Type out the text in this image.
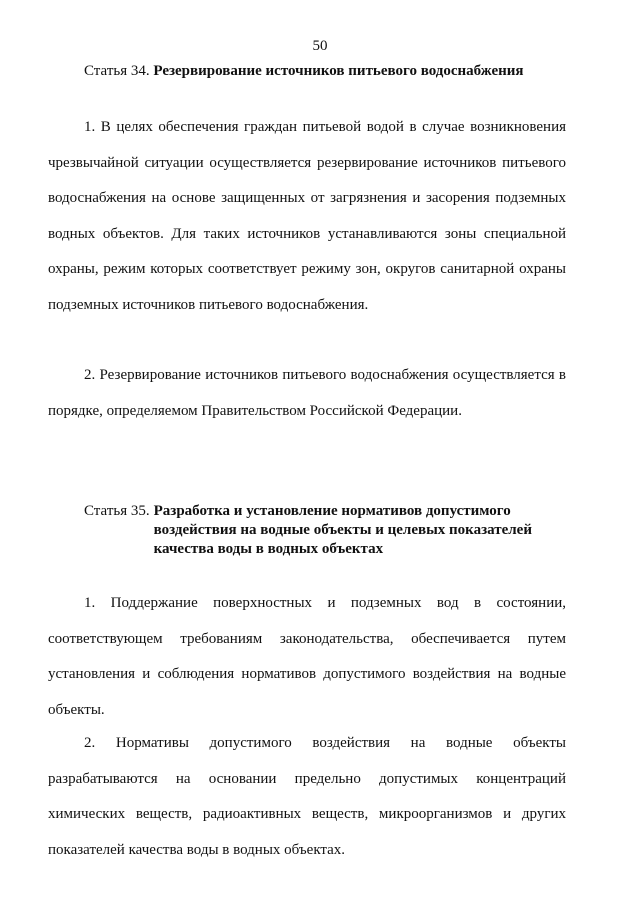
50
Статья 34. Резервирование источников питьевого водоснабжения

1. В целях обеспечения граждан питьевой водой в случае возникновения чрезвычайной ситуации осуществляется резервирование источников питьевого водоснабжения на основе защищенных от загрязнения и засорения подземных водных объектов. Для таких источников устанавливаются зоны специальной охраны, режим которых соответствует режиму зон, округов санитарной охраны подземных источников питьевого водоснабжения.

2. Резервирование источников питьевого водоснабжения осуществляется в порядке, определяемом Правительством Российской Федерации.

Статья 35. Разработка и установление нормативов допустимого воздействия на водные объекты и целевых показателей качества воды в водных объектах

1. Поддержание поверхностных и подземных вод в состоянии, соответствующем требованиям законодательства, обеспечивается путем установления и соблюдения нормативов допустимого воздействия на водные объекты.

2. Нормативы допустимого воздействия на водные объекты разрабатываются на основании предельно допустимых концентраций химических веществ, радиоактивных веществ, микроорганизмов и других показателей качества воды в водных объектах.
